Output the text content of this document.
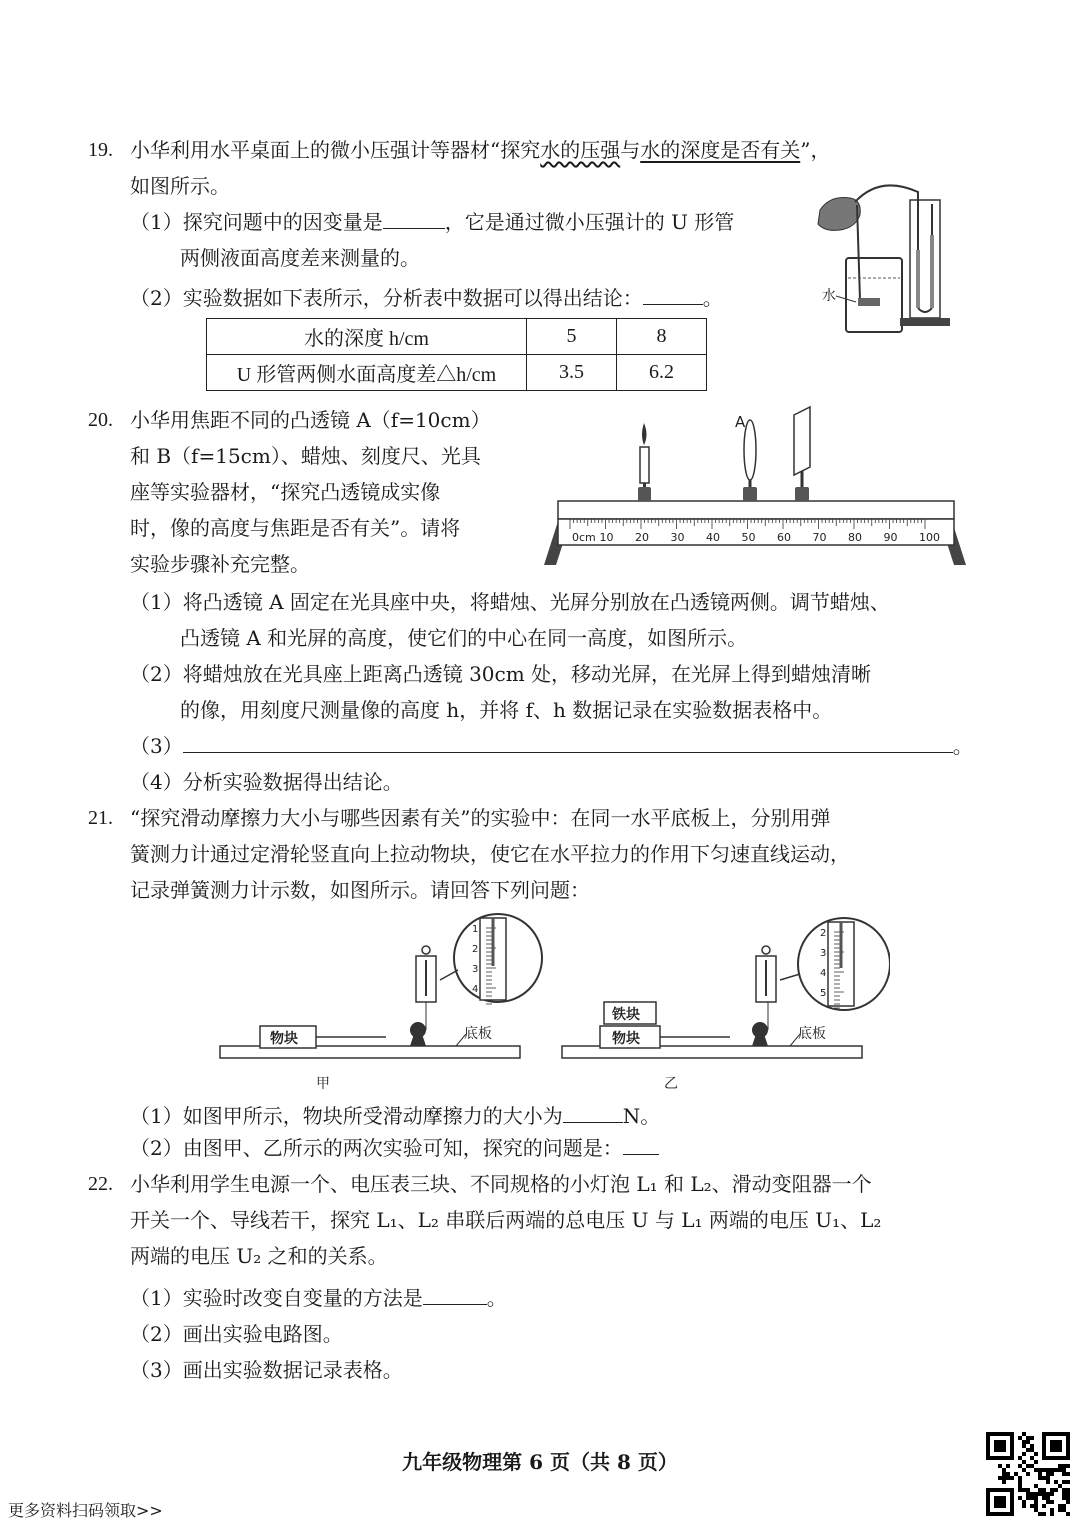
19. 小华利用水平桌面上的微小压强计等器材“探究水的压强与水的深度是否有关”，
如图所示。
（1）探究问题中的因变量是	，它是通过微小压强计的 U 形管
两侧液面高度差来测量的。
（2）实验数据如下表所示，分析表中数据可以得出结论：	。
水的深度 h/cm	5	8
U 形管两侧水面高度差△h/cm	3.5	6.2
水
20. 小华用焦距不同的凸透镜 A（f=10cm）
和 B（f=15cm）、蜡烛、刻度尺、光具
座等实验器材，“探究凸透镜成实像
时，像的高度与焦距是否有关”。请将
实验步骤补充完整。
0cm 10 20 30 40 50 60 70 80 90 100
A
（1）将凸透镜 A 固定在光具座中央，将蜡烛、光屏分别放在凸透镜两侧。调节蜡烛、
凸透镜 A 和光屏的高度，使它们的中心在同一高度，如图所示。
（2）将蜡烛放在光具座上距离凸透镜 30cm 处，移动光屏，在光屏上得到蜡烛清晰
的像，用刻度尺测量像的高度 h，并将 f、h 数据记录在实验数据表格中。
（3）	。
（4）分析实验数据得出结论。
21. “探究滑动摩擦力大小与哪些因素有关”的实验中：在同一水平底板上，分别用弹
簧测力计通过定滑轮竖直向上拉动物块，使它在水平拉力的作用下匀速直线运动，
记录弹簧测力计示数，如图所示。请回答下列问题：
物块	底板
甲
1
2
3
4
铁块
物块	底板
乙
2
3
4
5
（1）如图甲所示，物块所受滑动摩擦力的大小为	N。
（2）由图甲、乙所示的两次实验可知，探究的问题是：
22. 小华利用学生电源一个、电压表三块、不同规格的小灯泡 L₁ 和 L₂、滑动变阻器一个
开关一个、导线若干，探究 L₁、L₂ 串联后两端的总电压 U 与 L₁ 两端的电压 U₁、L₂
两端的电压 U₂ 之和的关系。
（1）实验时改变自变量的方法是	。
（2）画出实验电路图。
（3）画出实验数据记录表格。
九年级物理第 6 页（共 8 页）
更多资料扫码领取>>
